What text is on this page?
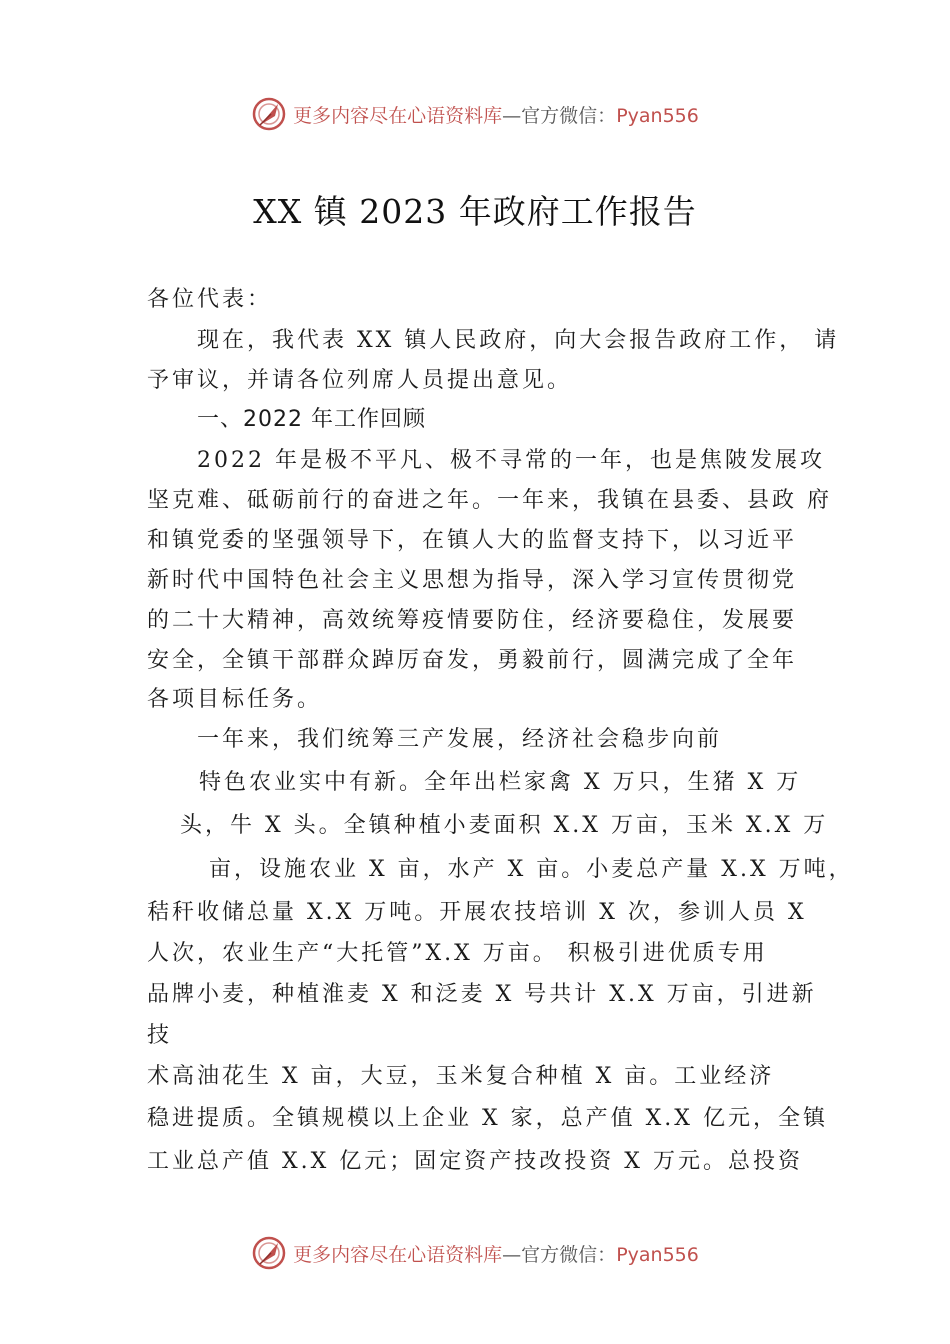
更多内容尽在心语资料库—官方微信：Pyan556
XX 镇 2023 年政府工作报告
各位代表：
现在，我代表 XX 镇人民政府，向大会报告政府工作， 请
予审议，并请各位列席人员提出意见。
一、2022 年工作回顾
2022 年是极不平凡、极不寻常的一年，也是焦陂发展攻
坚克难、砥砺前行的奋进之年。一年来，我镇在县委、县政 府
和镇党委的坚强领导下，在镇人大的监督支持下，以习近平
新时代中国特色社会主义思想为指导，深入学习宣传贯彻党
的二十大精神，高效统筹疫情要防住，经济要稳住，发展要
安全，全镇干部群众踔厉奋发，勇毅前行，圆满完成了全年
各项目标任务。
一年来，我们统筹三产发展，经济社会稳步向前
特色农业实中有新。全年出栏家禽 X 万只，生猪 X 万
头，牛 X 头。全镇种植小麦面积 X.X 万亩，玉米 X.X 万
亩，设施农业 X 亩，水产 X 亩。小麦总产量 X.X 万吨，
秸秆收储总量 X.X 万吨。开展农技培训 X 次，参训人员 X
人次，农业生产“大托管”X.X 万亩。 积极引进优质专用
品牌小麦，种植淮麦 X 和泛麦 X 号共计 X.X 万亩，引进新
技
术高油花生 X 亩，大豆，玉米复合种植 X 亩。工业经济
稳进提质。全镇规模以上企业 X 家，总产值 X.X 亿元，全镇
工业总产值 X.X 亿元；固定资产技改投资 X 万元。总投资
更多内容尽在心语资料库—官方微信：Pyan556
